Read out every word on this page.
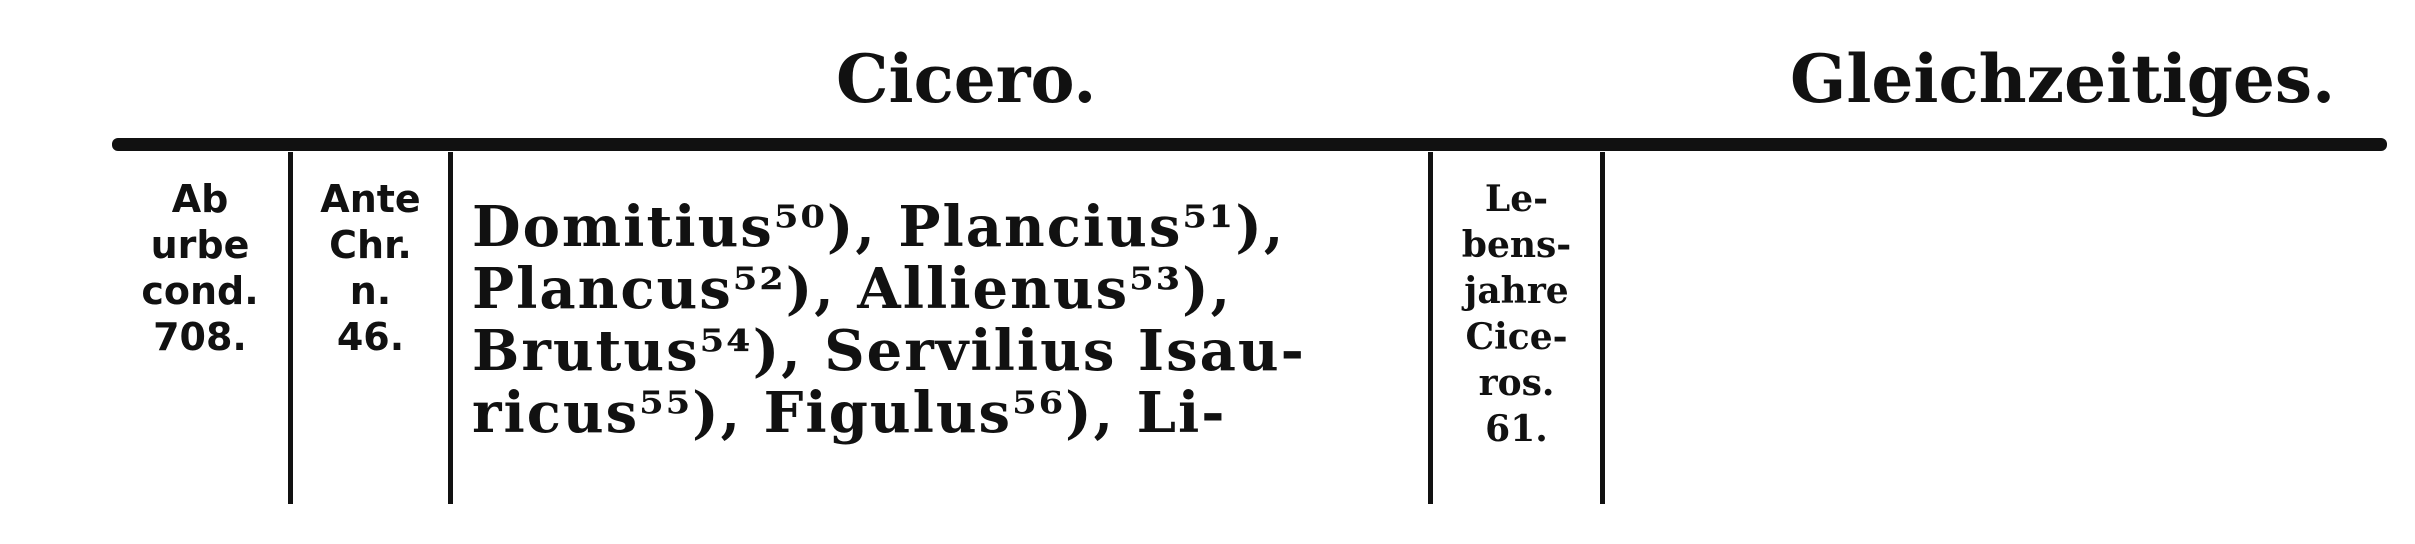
Cicero.	Gleichzeitiges.
Ab
urbe
cond.
708.
Ante
Chr.
n.
46.
Domitius⁵⁰), Plancius⁵¹),
Plancus⁵²), Allienus⁵³),
Brutus⁵⁴), Servilius Isau-
ricus⁵⁵), Figulus⁵⁶), Li-
Le-
bens-
jahre
Cice-
ros.
61.
